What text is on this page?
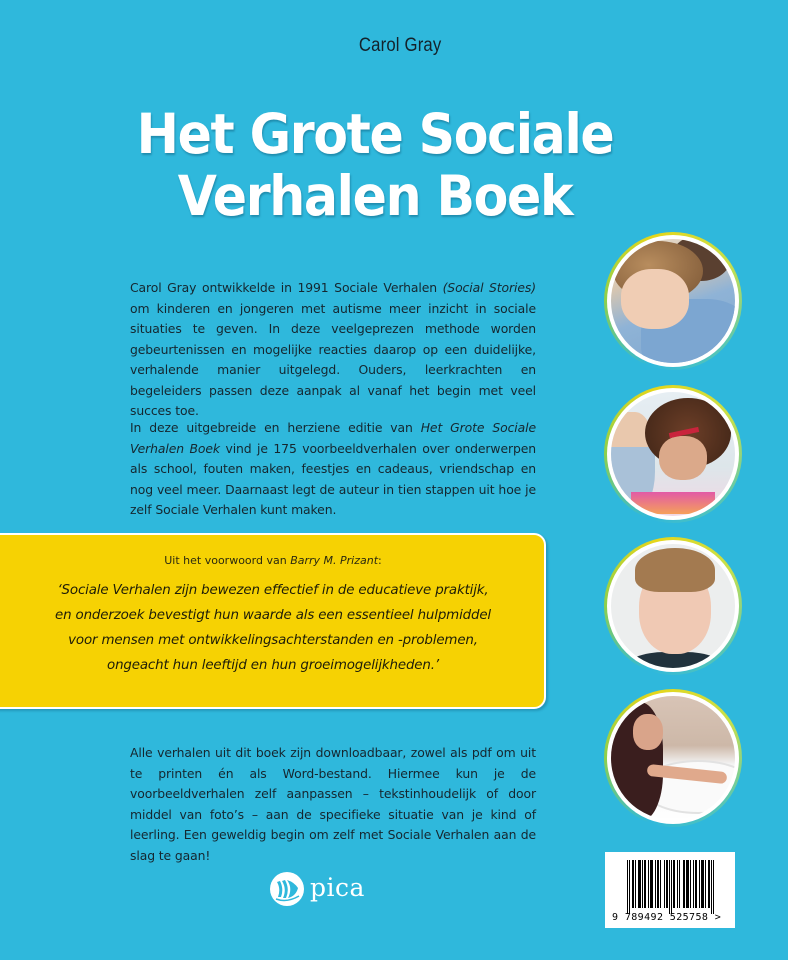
Carol Gray
Het Grote Sociale
Verhalen Boek
Carol Gray ontwikkelde in 1991 Sociale Verhalen (Social Stories) om kinderen en jongeren met autisme meer inzicht in sociale situaties te geven. In deze veelgeprezen methode worden gebeurtenissen en mogelijke reacties daarop op een duidelijke, verhalende manier uitgelegd. Ouders, leerkrachten en begeleiders passen deze aanpak al vanaf het begin met veel succes toe.
In deze uitgebreide en herziene editie van Het Grote Sociale Verhalen Boek vind je 175 voorbeeldverhalen over onderwerpen als school, fouten maken, feestjes en cadeaus, vriendschap en nog veel meer. Daarnaast legt de auteur in tien stappen uit hoe je zelf Sociale Verhalen kunt maken.
Uit het voorwoord van Barry M. Prizant:
‘Sociale Verhalen zijn bewezen effectief in de educatieve praktijk,
en onderzoek bevestigt hun waarde als een essentieel hulpmiddel
voor mensen met ontwikkelingsachterstanden en -problemen,
ongeacht hun leeftijd en hun groeimogelijkheden.’
Alle verhalen uit dit boek zijn downloadbaar, zowel als pdf om uit te printen én als Word-bestand. Hiermee kun je de voorbeeldverhalen zelf aanpassen – tekstinhoudelijk of door middel van foto’s – aan de specifieke situatie van je kind of leerling. Een geweldig begin om zelf met Sociale Verhalen aan de slag te gaan!
pica
9 789492 525758 >
